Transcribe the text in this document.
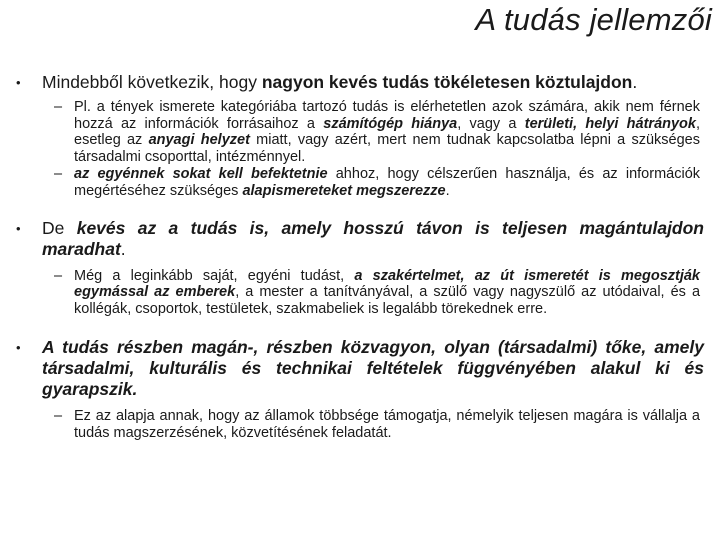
A tudás jellemzői
•	Mindebből következik, hogy nagyon kevés tudás tökéletesen köztulajdon.
– Pl. a tények ismerete kategóriába tartozó tudás is elérhetetlen azok számára, akik nem férnek hozzá az információk forrásaihoz a számítógép hiánya, vagy a területi, helyi hátrányok, esetleg az anyagi helyzet miatt, vagy azért, mert nem tudnak kapcsolatba lépni a szükséges társadalmi csoporttal, intézménnyel.
– az egyénnek sokat kell befektetnie ahhoz, hogy célszerűen használja, és az információk megértéséhez szükséges alapismereteket megszerezze.
•	De kevés az a tudás is, amely hosszú távon is teljesen magántulajdon maradhat.
– Még a leginkább saját, egyéni tudást, a szakértelmet, az út ismeretét is megosztják egymással az emberek, a mester a tanítványával, a szülő vagy nagyszülő az utódaival, és a kollégák, csoportok, testületek, szakmabeliek is legalább törekednek erre.
•	A tudás részben magán-, részben közvagyon, olyan (társadalmi) tőke, amely társadalmi, kulturális és technikai feltételek függvényében alakul ki és gyarapszik.
– Ez az alapja annak, hogy az államok többsége támogatja, némelyik teljesen magára is vállalja a tudás magszerzésének, közvetítésének feladatát.
